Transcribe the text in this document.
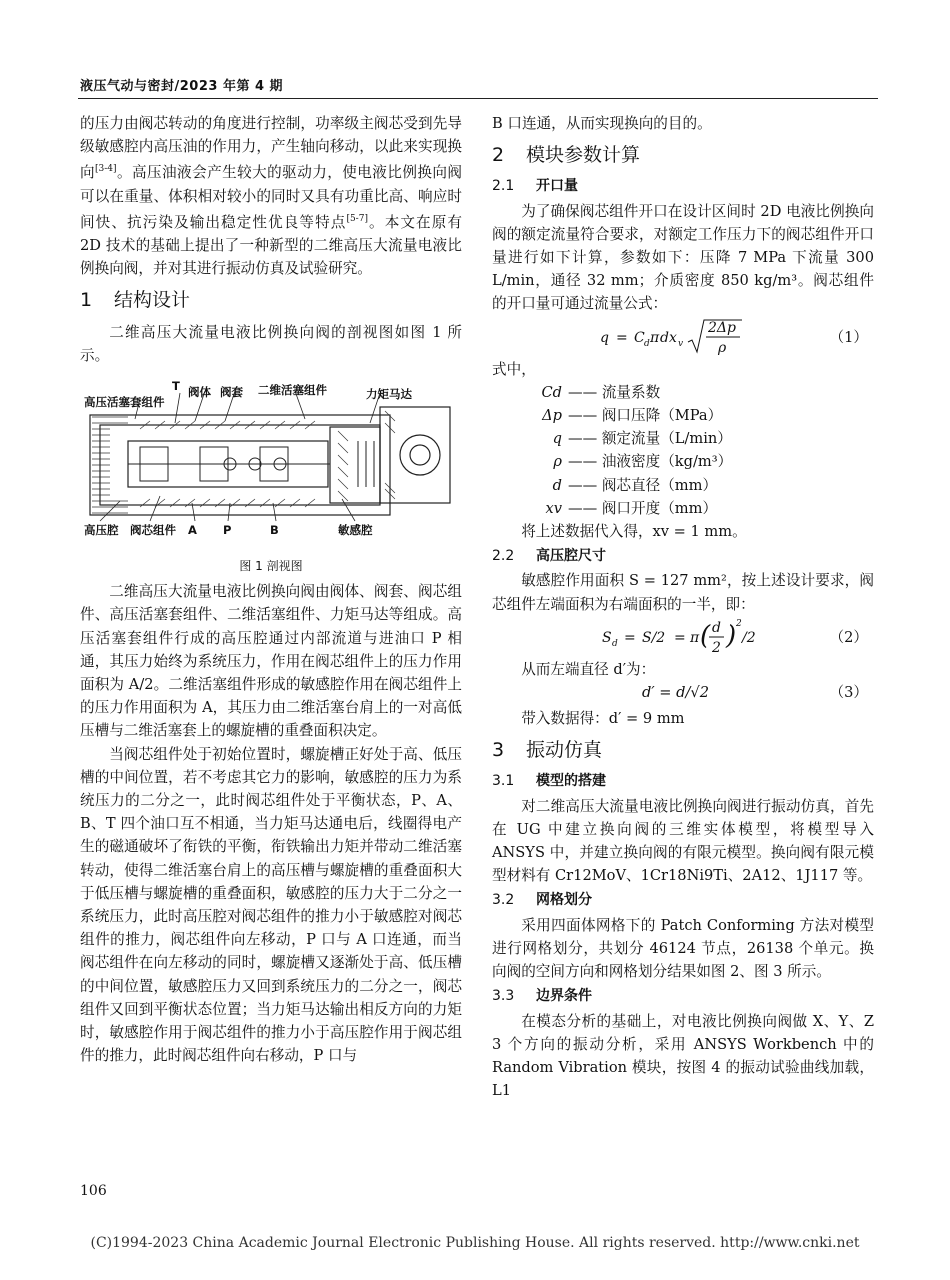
液压气动与密封/2023 年第 4 期

的压力由阀芯转动的角度进行控制，功率级主阀芯受到先导级敏感腔内高压油的作用力，产生轴向移动，以此来实现换向[3-4]。高压油液会产生较大的驱动力，使电液比例换向阀可以在重量、体积相对较小的同时又具有功重比高、响应时间快、抗污染及输出稳定性优良等特点[5-7]。本文在原有 2D 技术的基础上提出了一种新型的二维高压大流量电液比例换向阀，并对其进行振动仿真及试验研究。

1 结构设计

二维高压大流量电液比例换向阀的剖视图如图 1 所示。

高压活塞套组件
T 阀体 阀套 二维活塞组件	力矩马达
高压腔 阀芯组件 A P	B	敏感腔
图 1 剖视图

二维高压大流量电液比例换向阀由阀体、阀套、阀芯组件、高压活塞套组件、二维活塞组件、力矩马达等组成。高压活塞套组件行成的高压腔通过内部流道与进油口 P 相通，其压力始终为系统压力，作用在阀芯组件上的压力作用面积为 A/2。二维活塞组件形成的敏感腔作用在阀芯组件上的压力作用面积为 A，其压力由二维活塞台肩上的一对高低压槽与二维活塞套上的螺旋槽的重叠面积决定。

当阀芯组件处于初始位置时，螺旋槽正好处于高、低压槽的中间位置，若不考虑其它力的影响，敏感腔的压力为系统压力的二分之一，此时阀芯组件处于平衡状态，P、A、B、T 四个油口互不相通，当力矩马达通电后，线圈得电产生的磁通破坏了衔铁的平衡，衔铁输出力矩并带动二维活塞转动，使得二维活塞台肩上的高压槽与螺旋槽的重叠面积大于低压槽与螺旋槽的重叠面积，敏感腔的压力大于二分之一系统压力，此时高压腔对阀芯组件的推力小于敏感腔对阀芯组件的推力，阀芯组件向左移动，P 口与 A 口连通，而当阀芯组件在向左移动的同时，螺旋槽又逐渐处于高、低压槽的中间位置，敏感腔压力又回到系统压力的二分之一，阀芯组件又回到平衡状态位置；当力矩马达输出相反方向的力矩时，敏感腔作用于阀芯组件的推力小于高压腔作用于阀芯组件的推力，此时阀芯组件向右移动，P 口与

B 口连通，从而实现换向的目的。

2 模块参数计算
2.1 开口量

为了确保阀芯组件开口在设计区间时 2D 电液比例换向阀的额定流量符合要求，对额定工作压力下的阀芯组件开口量进行如下计算，参数如下：压降 7 MPa 下流量 300 L/min，通径 32 mm；介质密度 850 kg/m³。阀芯组件的开口量可通过流量公式：

q = C d π dx v
2Δp
ρ
（1）
式中，
Cd —— 流量系数
Δp —— 阀口压降（MPa）
q —— 额定流量（L/min）
ρ —— 油液密度（kg/m³）
d —— 阀芯直径（mm）
xv —— 阀口开度（mm）

将上述数据代入得，xv = 1 mm。

2.2 高压腔尺寸

敏感腔作用面积 S = 127 mm²，按上述设计要求，阀芯组件左端面积为右端面积的一半，即：

S d = S/2 = π ( d
2 ) 2
/2	（2）

从而左端直径 d′为：

d′ = d/√2	（3）

带入数据得：d′ = 9 mm

3 振动仿真
3.1 模型的搭建

对二维高压大流量电液比例换向阀进行振动仿真，首先在 UG 中建立换向阀的三维实体模型，将模型导入 ANSYS 中，并建立换向阀的有限元模型。换向阀有限元模型材料有 Cr12MoV、1Cr18Ni9Ti、2A12、1J117 等。

3.2 网格划分

采用四面体网格下的 Patch Conforming 方法对模型进行网格划分，共划分 46124 节点，26138 个单元。换向阀的空间方向和网格划分结果如图 2、图 3 所示。

3.3 边界条件

在模态分析的基础上，对电液比例换向阀做 X、Y、Z 3 个方向的振动分析，采用 ANSYS Workbench 中的 Random Vibration 模块，按图 4 的振动试验曲线加载，L1

106
(C)1994-2023 China Academic Journal Electronic Publishing House. All rights reserved. http://www.cnki.net
